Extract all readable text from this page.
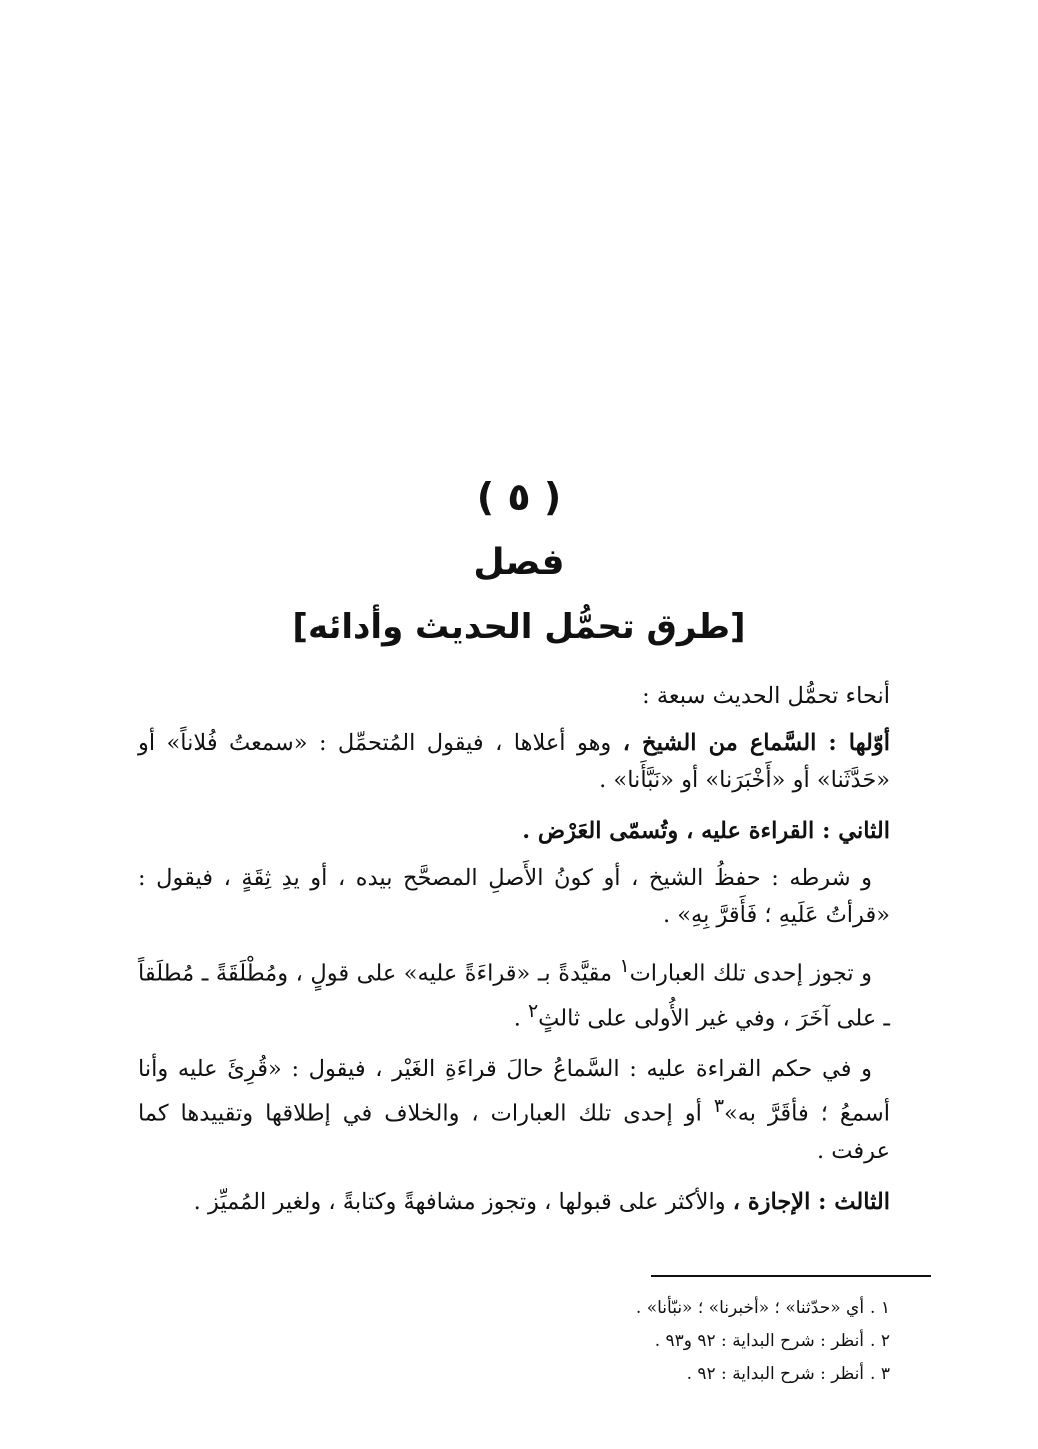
( ٥ )
فصل
[طرق تحمُّل الحديث وأدائه]

أنحاء تحمُّل الحديث سبعة :

أوّلها : السَّماع من الشيخ ، وهو أعلاها ، فيقول المُتحمِّل : «سمعتُ فُلاناً» أو «حَدَّثَنا» أو «أَخْبَرَنا» أو «نَبَّأَنا» .

الثاني : القراءة عليه ، وتُسمّى العَرْض .

و شرطه : حفظُ الشيخ ، أو كونُ الأَصلِ المصحَّح بيده ، أو يدِ ثِقَةٍ ، فيقول : «قرأتُ عَلَيهِ ؛ فَأَقرَّ بِهِ» .

و تجوز إحدى تلك العبارات$^١$ مقيَّدةً بـ «قراءَةً عليه» على قولٍ ، ومُطْلَقَةً ـ مُطلَقاً ـ على آخَرَ ، وفي غير الأُولى على ثالثٍ$^٢$ .

و في حكم القراءة عليه : السَّماعُ حالَ قراءَةِ الغَيْر ، فيقول : «قُرِئَ عليه وأنا أسمعُ ؛ فأقَرَّ به»$^٣$ أو إحدى تلك العبارات ، والخلاف في إطلاقها وتقييدها كما عرفت .

الثالث : الإجازة ، والأكثر على قبولها ، وتجوز مشافهةً وكتابةً ، ولغير المُميِّز .

١ .أي «حدّثنا» ؛ «أخبرنا» ؛ «نبّأنا» .

٢ .أنظر : شرح البداية : ٩٢ و٩٣ .

٣ .أنظر : شرح البداية : ٩٢ .
